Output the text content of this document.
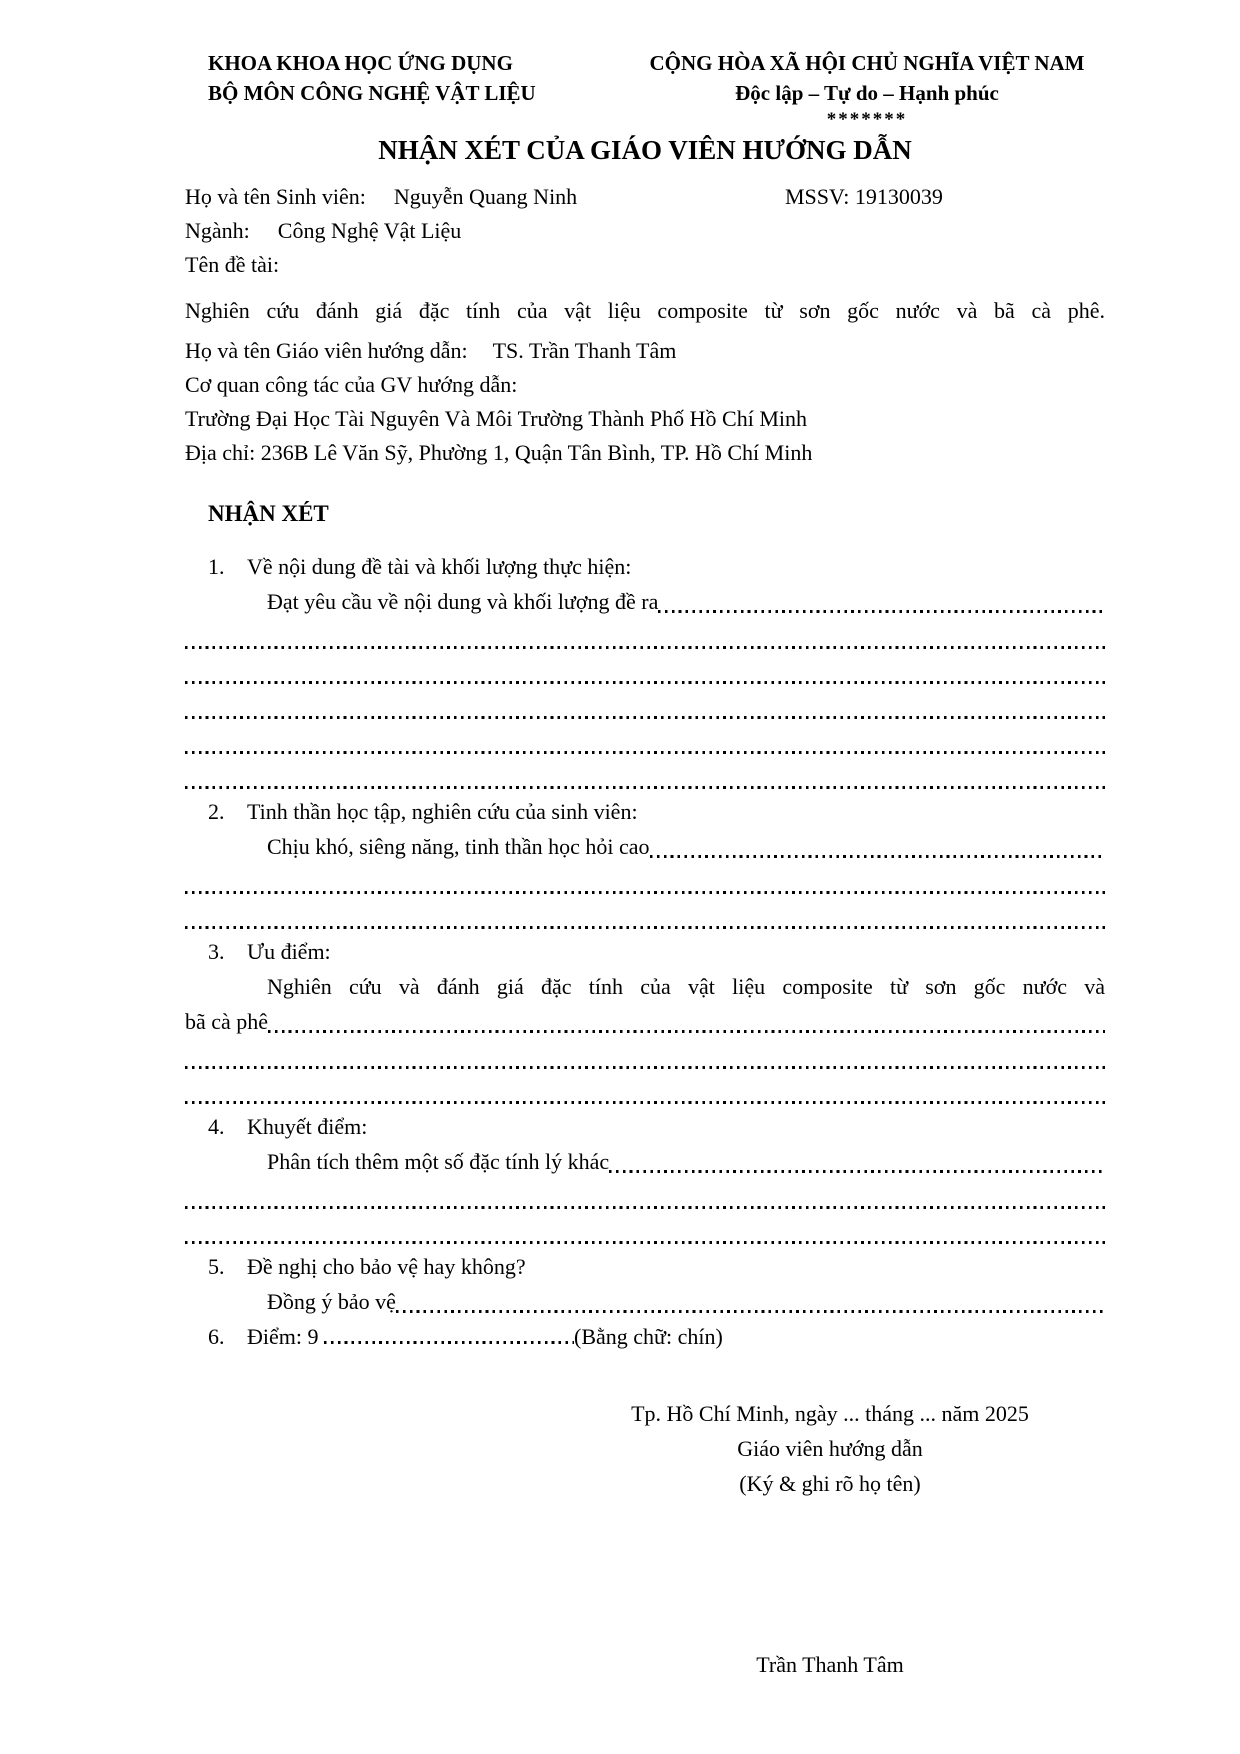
KHOA KHOA HỌC ỨNG DỤNG
BỘ MÔN CÔNG NGHỆ VẬT LIỆU
CỘNG HÒA XÃ HỘI CHỦ NGHĨA VIỆT NAM
Độc lập – Tự do – Hạnh phúc
*******
NHẬN XÉT CỦA GIÁO VIÊN HƯỚNG DẪN
Họ và tên Sinh viên: Nguyễn Quang Ninh	MSSV: 19130039
Ngành: Công Nghệ Vật Liệu
Tên đề tài:
Nghiên cứu đánh giá đặc tính của vật liệu composite từ sơn gốc nước và bã cà phê.
Họ và tên Giáo viên hướng dẫn: TS. Trần Thanh Tâm
Cơ quan công tác của GV hướng dẫn:
Trường Đại Học Tài Nguyên Và Môi Trường Thành Phố Hồ Chí Minh
Địa chỉ: 236B Lê Văn Sỹ, Phường 1, Quận Tân Bình, TP. Hồ Chí Minh
NHẬN XÉT
1. Về nội dung đề tài và khối lượng thực hiện:
Đạt yêu cầu về nội dung và khối lượng đề ra
2. Tinh thần học tập, nghiên cứu của sinh viên:
Chịu khó, siêng năng, tinh thần học hỏi cao
3. Ưu điểm:
Nghiên cứu và đánh giá đặc tính của vật liệu composite từ sơn gốc nước và
bã cà phê
4. Khuyết điểm:
Phân tích thêm một số đặc tính lý khác
5. Đề nghị cho bảo vệ hay không?
Đồng ý bảo vệ
6. Điểm: 9	(Bằng chữ: chín)
Tp. Hồ Chí Minh, ngày ... tháng ... năm 2025
Giáo viên hướng dẫn
(Ký & ghi rõ họ tên)
Trần Thanh Tâm
